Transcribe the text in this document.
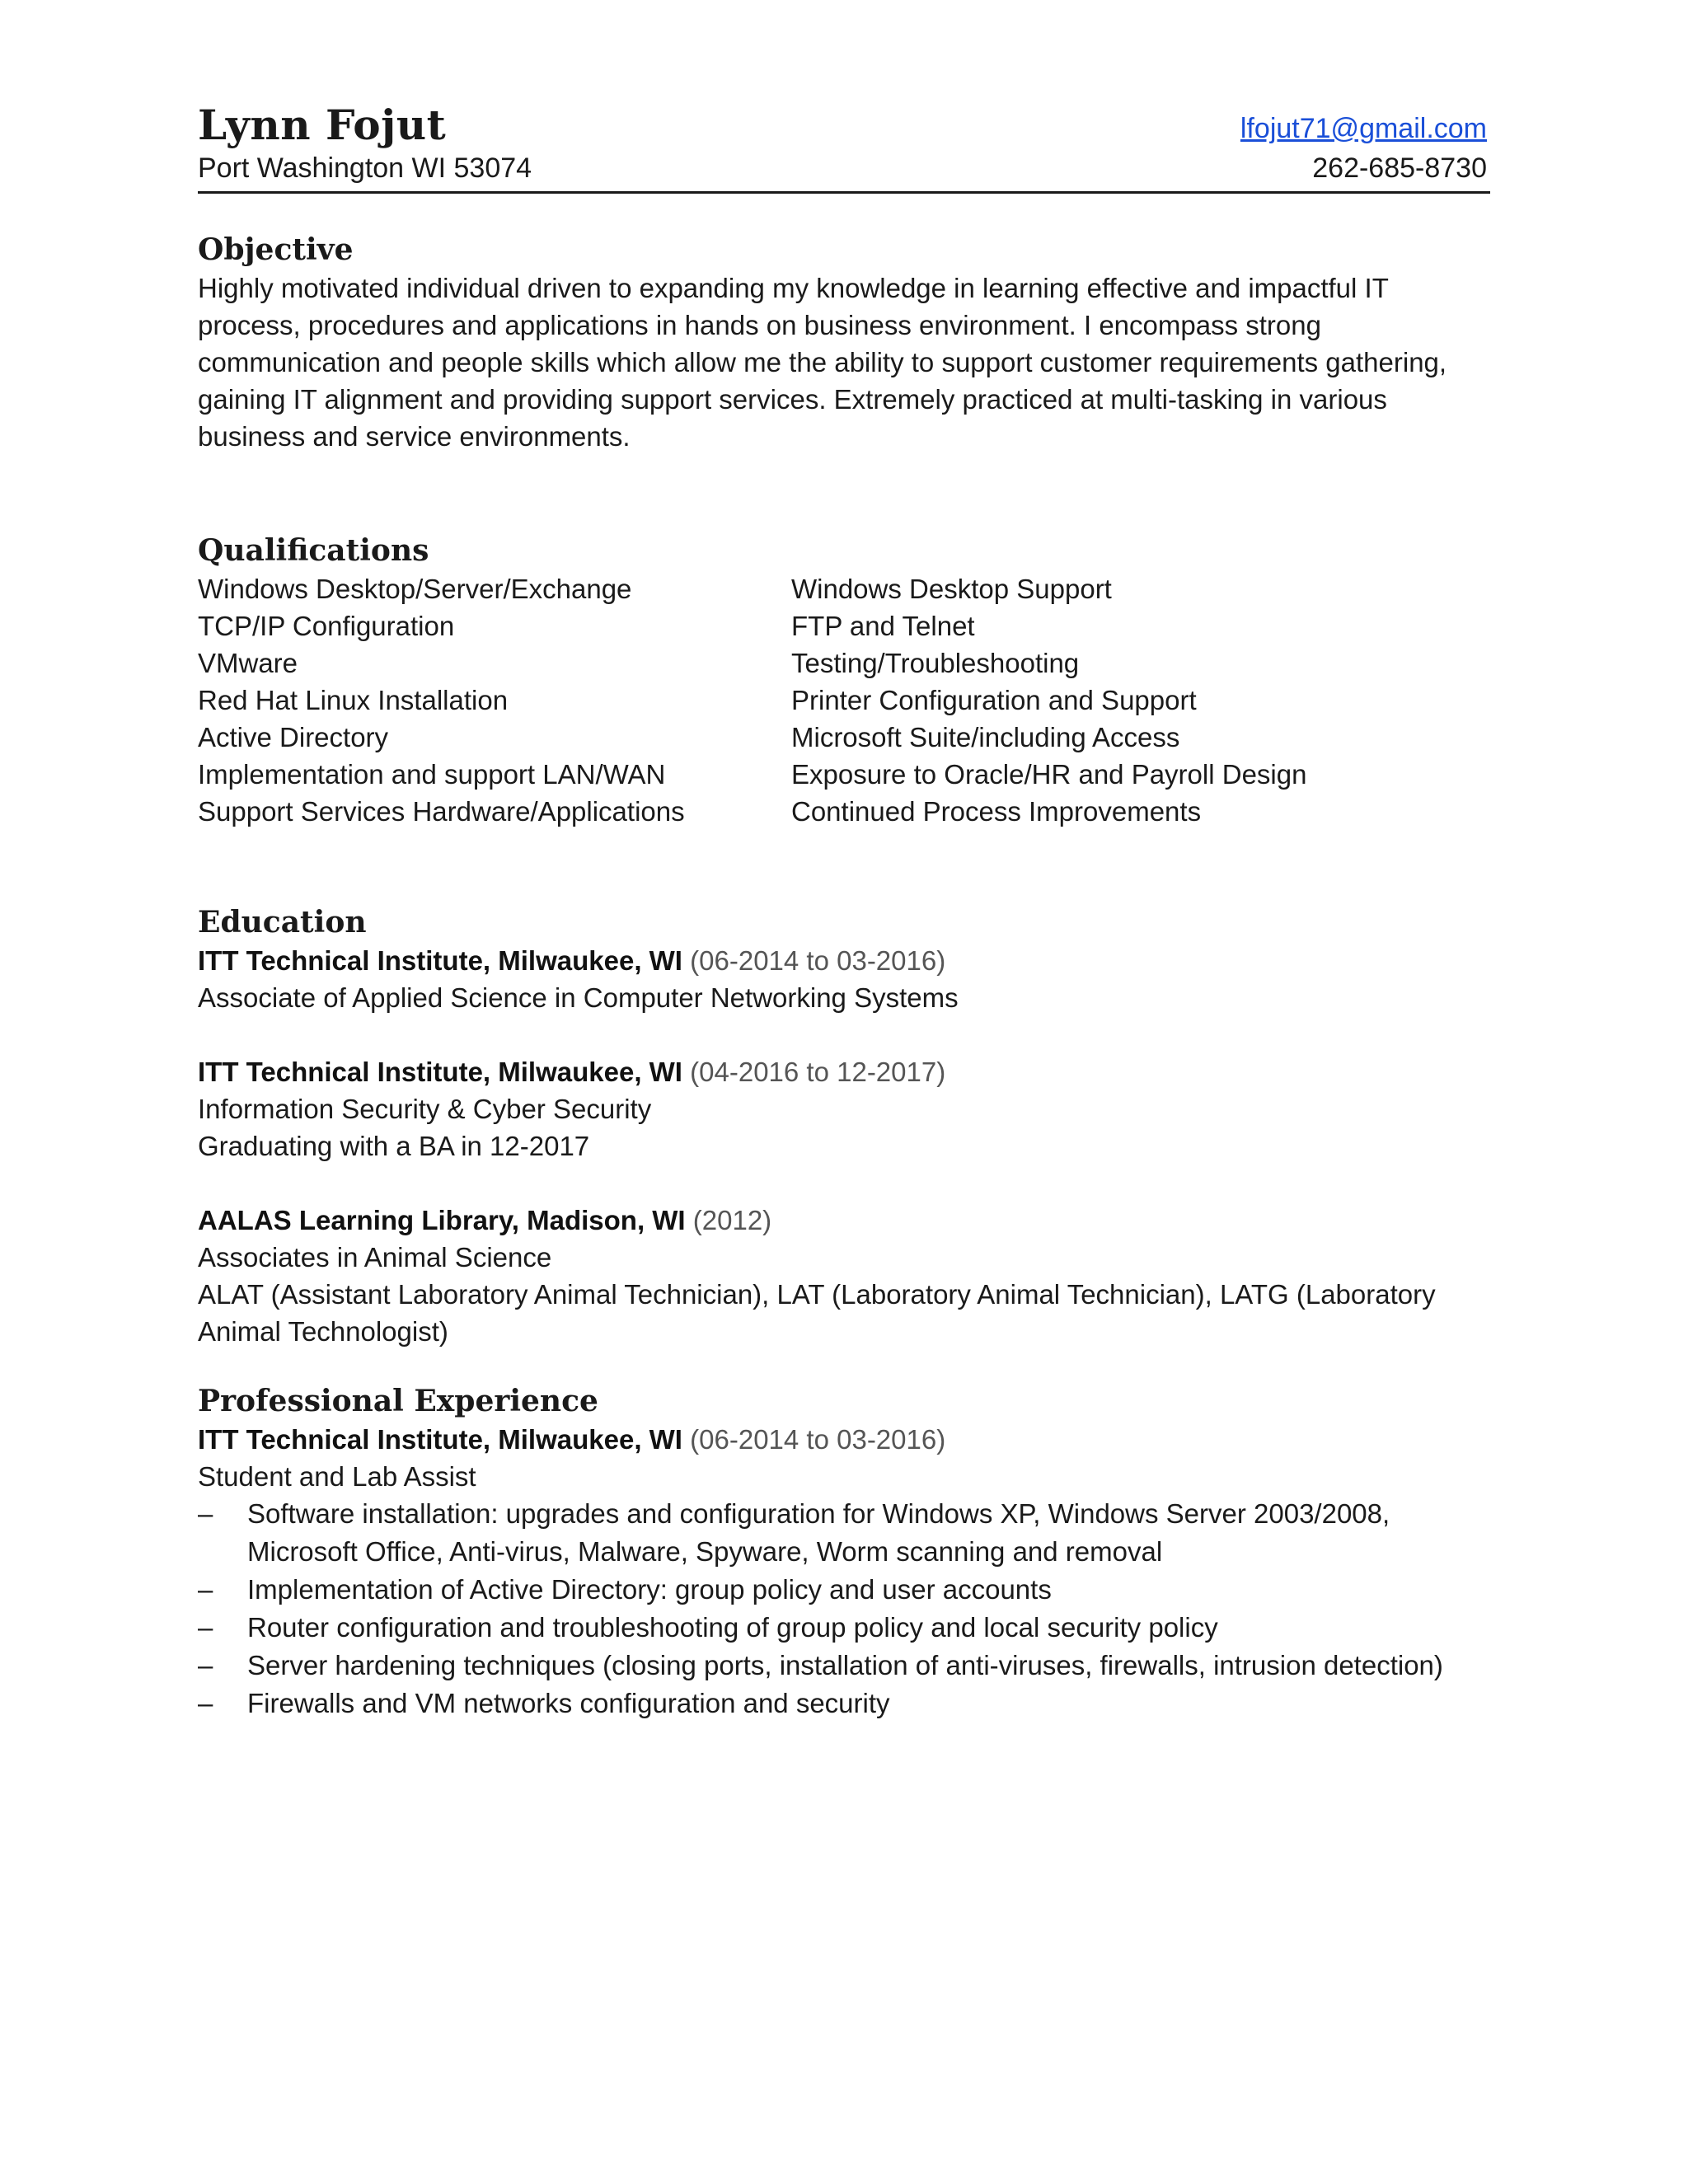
Lynn Fojut	lfojut71@gmail.com
Port Washington WI 53074	262-685-8730
Objective

Highly motivated individual driven to expanding my knowledge in learning effective and impactful IT process, procedures and applications in hands on business environment. I encompass strong communication and people skills which allow me the ability to support customer requirements gathering, gaining IT alignment and providing support services. Extremely practiced at multi-tasking in various business and service environments.

Qualifications
Windows Desktop/Server/Exchange	Windows Desktop Support
TCP/IP Configuration	FTP and Telnet
VMware	Testing/Troubleshooting
Red Hat Linux Installation	Printer Configuration and Support
Active Directory	Microsoft Suite/including Access
Implementation and support LAN/WAN	Exposure to Oracle/HR and Payroll Design
Support Services Hardware/Applications	Continued Process Improvements
Education
ITT Technical Institute, Milwaukee, WI (06-2014 to 03-2016)
Associate of Applied Science in Computer Networking Systems
ITT Technical Institute, Milwaukee, WI (04-2016 to 12-2017)
Information Security & Cyber Security
Graduating with a BA in 12-2017
AALAS Learning Library, Madison, WI (2012)
Associates in Animal Science
ALAT (Assistant Laboratory Animal Technician), LAT (Laboratory Animal Technician), LATG (Laboratory Animal Technologist)
Professional Experience
ITT Technical Institute, Milwaukee, WI (06-2014 to 03-2016)
Student and Lab Assist
– Software installation: upgrades and configuration for Windows XP, Windows Server 2003/2008, Microsoft Office, Anti-virus, Malware, Spyware, Worm scanning and removal
– Implementation of Active Directory: group policy and user accounts
– Router configuration and troubleshooting of group policy and local security policy
– Server hardening techniques (closing ports, installation of anti-viruses, firewalls, intrusion detection)
– Firewalls and VM networks configuration and security
